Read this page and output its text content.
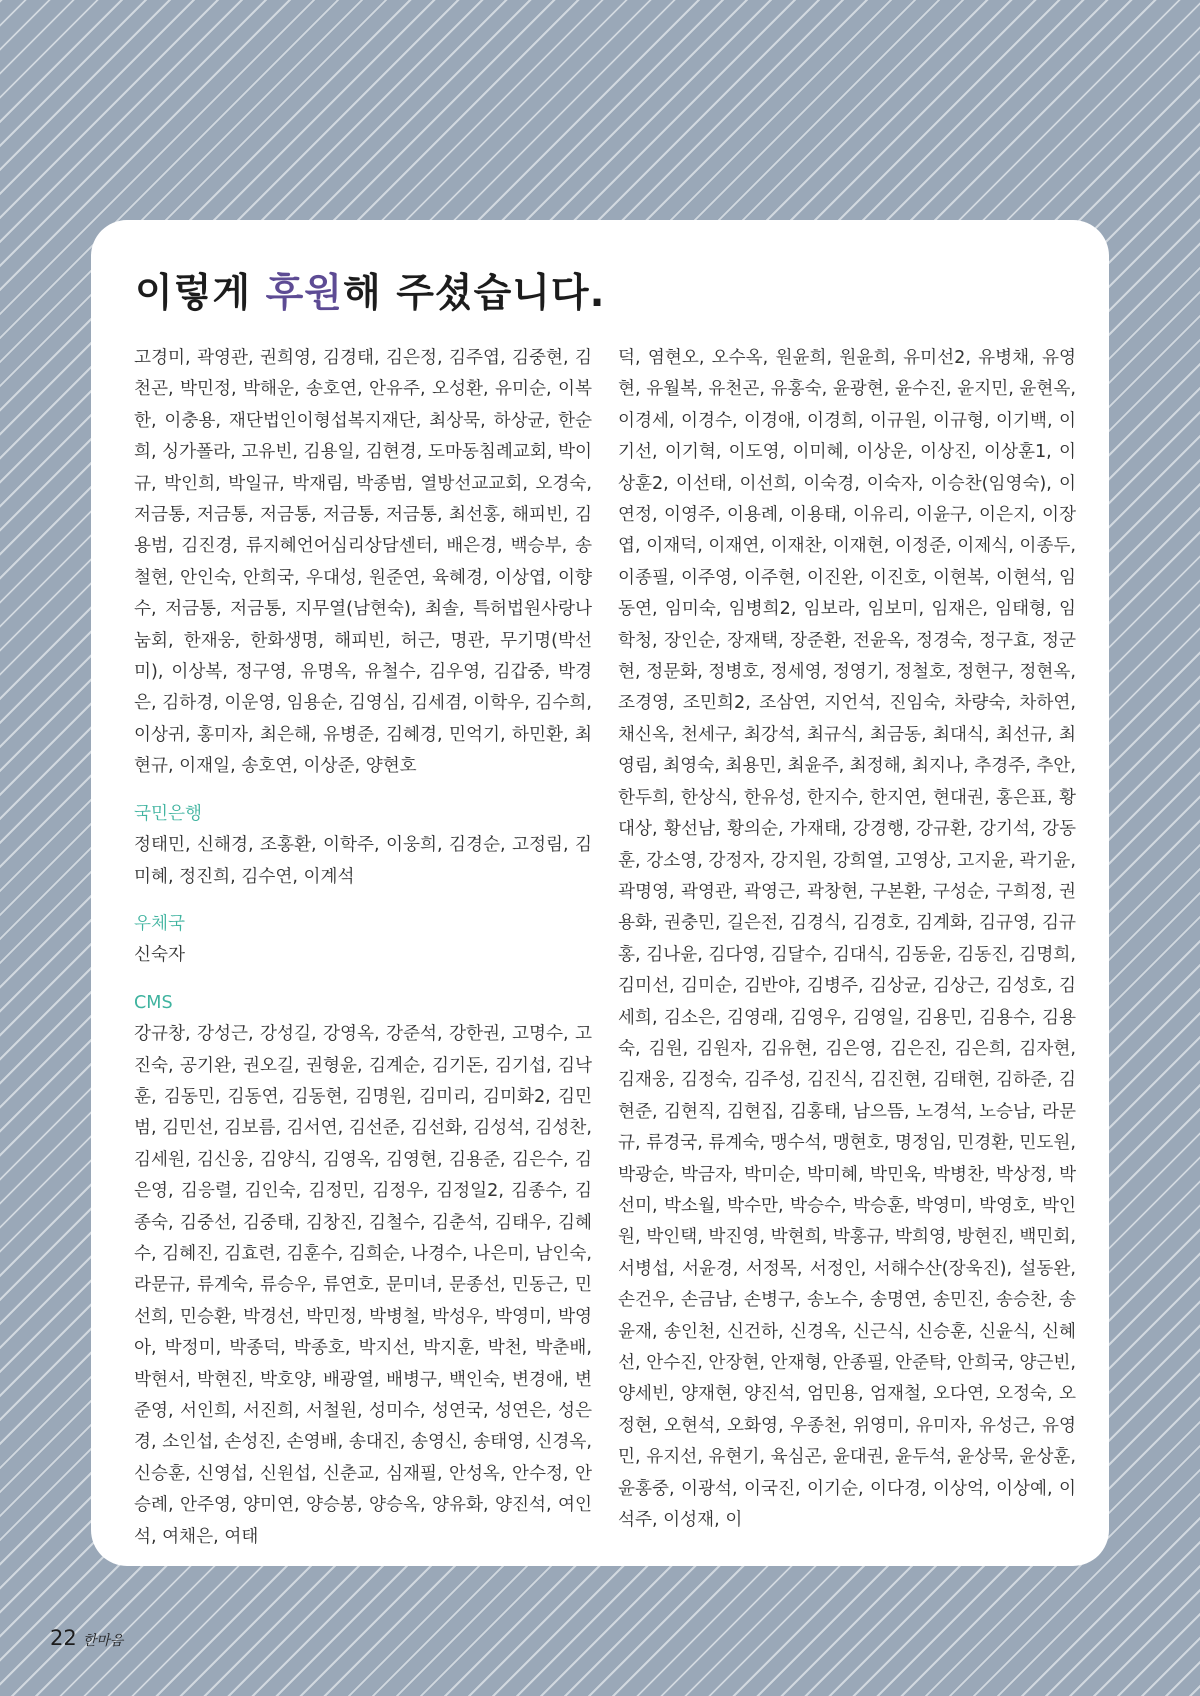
이렇게 후원해 주셨습니다.

고경미, 곽영관, 권희영, 김경태, 김은정, 김주엽, 김중현, 김천곤, 박민정, 박해운, 송호연, 안유주, 오성환, 유미순, 이복한, 이충용, 재단법인이형섭복지재단, 최상묵, 하상균, 한순희, 싱가폴라, 고유빈, 김용일, 김현경, 도마동침례교회, 박이규, 박인희, 박일규, 박재림, 박종범, 열방선교교회, 오경숙, 저금통, 저금통, 저금통, 저금통, 저금통, 최선홍, 해피빈, 김용범, 김진경, 류지혜언어심리상담센터, 배은경, 백승부, 송철현, 안인숙, 안희국, 우대성, 원준연, 육혜경, 이상엽, 이향수, 저금통, 저금통, 지무열(남현숙), 최솔, 특허법원사랑나눔회, 한재웅, 한화생명, 해피빈, 허근, 명관, 무기명(박선미), 이상복, 정구영, 유명옥, 유철수, 김우영, 김갑중, 박경은, 김하경, 이운영, 임용순, 김영심, 김세겸, 이학우, 김수희, 이상귀, 홍미자, 최은해, 유병준, 김혜경, 민억기, 하민환, 최현규, 이재일, 송호연, 이상준, 양현호

국민은행

정태민, 신해경, 조홍환, 이학주, 이웅희, 김경순, 고정림, 김미혜, 정진희, 김수연, 이계석

우체국

신숙자

CMS

강규창, 강성근, 강성길, 강영옥, 강준석, 강한권, 고명수, 고진숙, 공기완, 권오길, 권형윤, 김계순, 김기돈, 김기섭, 김낙훈, 김동민, 김동연, 김동현, 김명원, 김미리, 김미화2, 김민범, 김민선, 김보름, 김서연, 김선준, 김선화, 김성석, 김성찬, 김세원, 김신웅, 김양식, 김영옥, 김영현, 김용준, 김은수, 김은영, 김응렬, 김인숙, 김정민, 김정우, 김정일2, 김종수, 김종숙, 김중선, 김중태, 김창진, 김철수, 김춘석, 김태우, 김혜수, 김혜진, 김효련, 김훈수, 김희순, 나경수, 나은미, 남인숙, 라문규, 류계숙, 류승우, 류연호, 문미녀, 문종선, 민동근, 민선희, 민승환, 박경선, 박민정, 박병철, 박성우, 박영미, 박영아, 박정미, 박종덕, 박종호, 박지선, 박지훈, 박천, 박춘배, 박현서, 박현진, 박호양, 배광열, 배병구, 백인숙, 변경애, 변준영, 서인희, 서진희, 서철원, 성미수, 성연국, 성연은, 성은경, 소인섭, 손성진, 손영배, 송대진, 송영신, 송태영, 신경옥, 신승훈, 신영섭, 신원섭, 신춘교, 심재필, 안성옥, 안수정, 안승례, 안주영, 양미연, 양승봉, 양승옥, 양유화, 양진석, 여인석, 여채은, 여태

덕, 염현오, 오수옥, 원윤희, 원윤희, 유미선2, 유병채, 유영현, 유월복, 유천곤, 유홍숙, 윤광현, 윤수진, 윤지민, 윤현옥, 이경세, 이경수, 이경애, 이경희, 이규원, 이규형, 이기백, 이기선, 이기혁, 이도영, 이미혜, 이상운, 이상진, 이상훈1, 이상훈2, 이선태, 이선희, 이숙경, 이숙자, 이승찬(임영숙), 이연정, 이영주, 이용례, 이용태, 이유리, 이윤구, 이은지, 이장엽, 이재덕, 이재연, 이재찬, 이재현, 이정준, 이제식, 이종두, 이종필, 이주영, 이주현, 이진완, 이진호, 이현복, 이현석, 임동연, 임미숙, 임병희2, 임보라, 임보미, 임재은, 임태형, 임학청, 장인순, 장재택, 장준환, 전윤옥, 정경숙, 정구효, 정군현, 정문화, 정병호, 정세영, 정영기, 정철호, 정현구, 정현옥, 조경영, 조민희2, 조삼연, 지언석, 진임숙, 차량숙, 차하연, 채신옥, 천세구, 최강석, 최규식, 최금동, 최대식, 최선규, 최영림, 최영숙, 최용민, 최윤주, 최정해, 최지나, 추경주, 추안, 한두희, 한상식, 한유성, 한지수, 한지연, 현대권, 홍은표, 황대상, 황선남, 황의순, 가재태, 강경행, 강규환, 강기석, 강동훈, 강소영, 강정자, 강지원, 강희열, 고영상, 고지윤, 곽기윤, 곽명영, 곽영관, 곽영근, 곽창현, 구본환, 구성순, 구희정, 권용화, 권충민, 길은전, 김경식, 김경호, 김계화, 김규영, 김규홍, 김나윤, 김다영, 김달수, 김대식, 김동윤, 김동진, 김명희, 김미선, 김미순, 김반야, 김병주, 김상균, 김상근, 김성호, 김세희, 김소은, 김영래, 김영우, 김영일, 김용민, 김용수, 김용숙, 김원, 김원자, 김유현, 김은영, 김은진, 김은희, 김자현, 김재웅, 김정숙, 김주성, 김진식, 김진현, 김태현, 김하준, 김현준, 김현직, 김현집, 김홍태, 남으뜸, 노경석, 노승남, 라문규, 류경국, 류계숙, 맹수석, 맹현호, 명정임, 민경환, 민도원, 박광순, 박금자, 박미순, 박미혜, 박민욱, 박병찬, 박상정, 박선미, 박소월, 박수만, 박승수, 박승훈, 박영미, 박영호, 박인원, 박인택, 박진영, 박현희, 박홍규, 박희영, 방현진, 백민회, 서병섭, 서윤경, 서정목, 서정인, 서해수산(장욱진), 설동완, 손건우, 손금남, 손병구, 송노수, 송명연, 송민진, 송승찬, 송윤재, 송인천, 신건하, 신경옥, 신근식, 신승훈, 신윤식, 신혜선, 안수진, 안장현, 안재형, 안종필, 안준탁, 안희국, 양근빈, 양세빈, 양재현, 양진석, 엄민용, 엄재철, 오다연, 오정숙, 오정현, 오현석, 오화영, 우종천, 위영미, 유미자, 유성근, 유영민, 유지선, 유현기, 육심곤, 윤대권, 윤두석, 윤상묵, 윤상훈, 윤홍중, 이광석, 이국진, 이기순, 이다경, 이상억, 이상예, 이석주, 이성재, 이

22 한마음
